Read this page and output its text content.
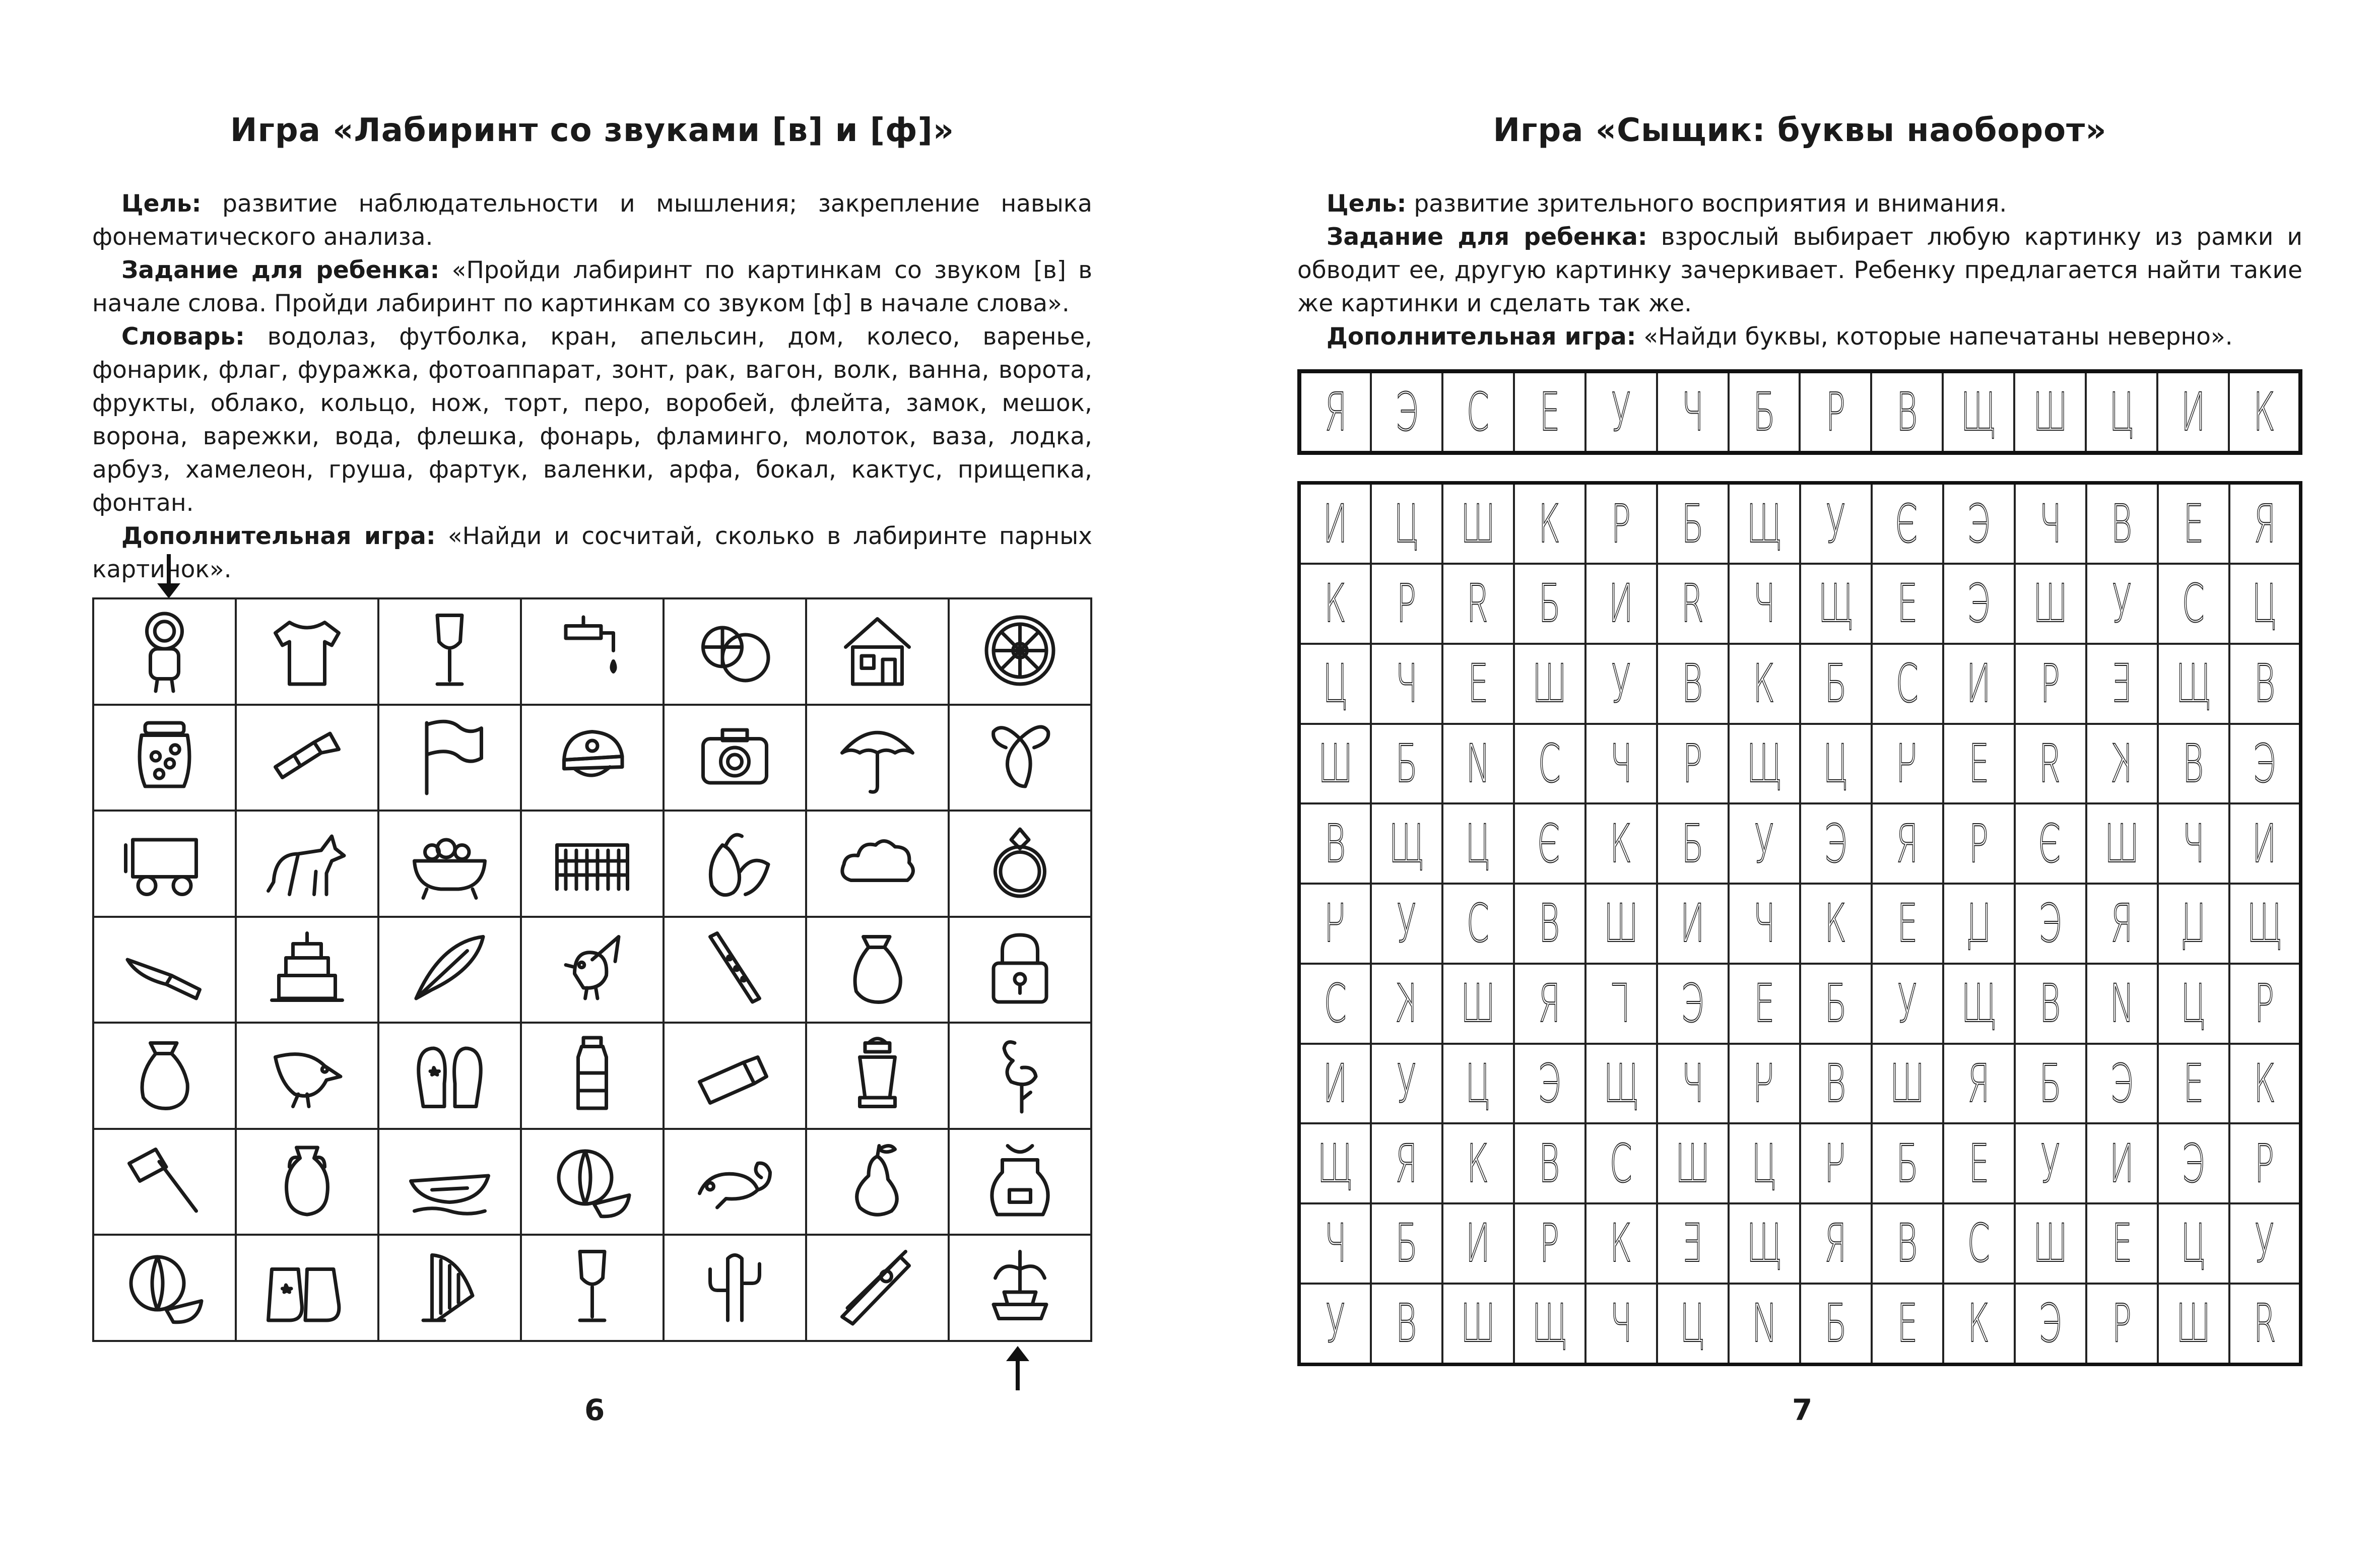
Игра «Лабиринт со звуками [в] и [ф]»

Цель: развитие наблюдательности и мышления; закрепление навыка фонематического анализа.

Задание для ребенка: «Пройди лабиринт по картинкам со звуком [в] в начале слова. Пройди лабиринт по картинкам со звуком [ф] в начале слова».

Словарь: водолаз, футболка, кран, апельсин, дом, колесо, варенье, фонарик, флаг, фуражка, фотоаппарат, зонт, рак, вагон, волк, ванна, ворота, фрукты, облако, кольцо, нож, торт, перо, воробей, флейта, замок, мешок, ворона, варежки, вода, флешка, фонарь, фламинго, молоток, ваза, лодка, арбуз, хамелеон, груша, фартук, валенки, арфа, бокал, кактус, прищепка, фонтан.

Дополнительная игра: «Найди и сосчитай, сколько в лабиринте парных картинок».

6
Игра «Сыщик: буквы наоборот»

Цель: развитие зрительного восприятия и внимания.

Задание для ребенка: взрослый выбирает любую картинку из рамки и обводит ее, другую картинку зачеркивает. Ребенку предлагается найти такие же картинки и сделать так же.

Дополнительная игра: «Найди буквы, которые напечатаны неверно».

7
Я	Э	С	Е	У	Ч	Б	Р	В	Щ	Ш	Ц	И	К
И	Ц	Ш	К	Р	Б	Щ	У	Э	Э	Ч	В	Е	Я
К	Р	Я	Б	И	R	Ч	Щ	Е	Э	Ш	У	С	Ц
Ц	Ч	Е	Ш	У	В	К	Б	С	И	Р	Е	Щ	В
Ш	Б	N	С	Ч	Р	Щ	Ц	Ч	Е	Я	К	В	Э
В	Щ	Ц	Э	К	Б	У	Э	Я	Р	Э	Ш	Ч	И
Ч	У	С	В	Ш	И	Ч	К	Е	Ц	Э	Я	Ц	Щ
С	К	Ш	Я	Г	Э	Е	Б	У	Щ	В	N	Ц	Р
И	У	Ц	Э	Щ	Ч	Ч	В	Ш	Я	Б	Э	Е	К
Щ	Я	К	В	С	Ш	Ц	Ч	Б	Е	У	И	Э	Р
Ч	Б	И	Р	К	Е	Щ	Я	В	С	Ш	Е	Ц	У
У	В	Ш	Щ	Ч	Ц	И	Б	Е	К	Э	Р	Ш	R
